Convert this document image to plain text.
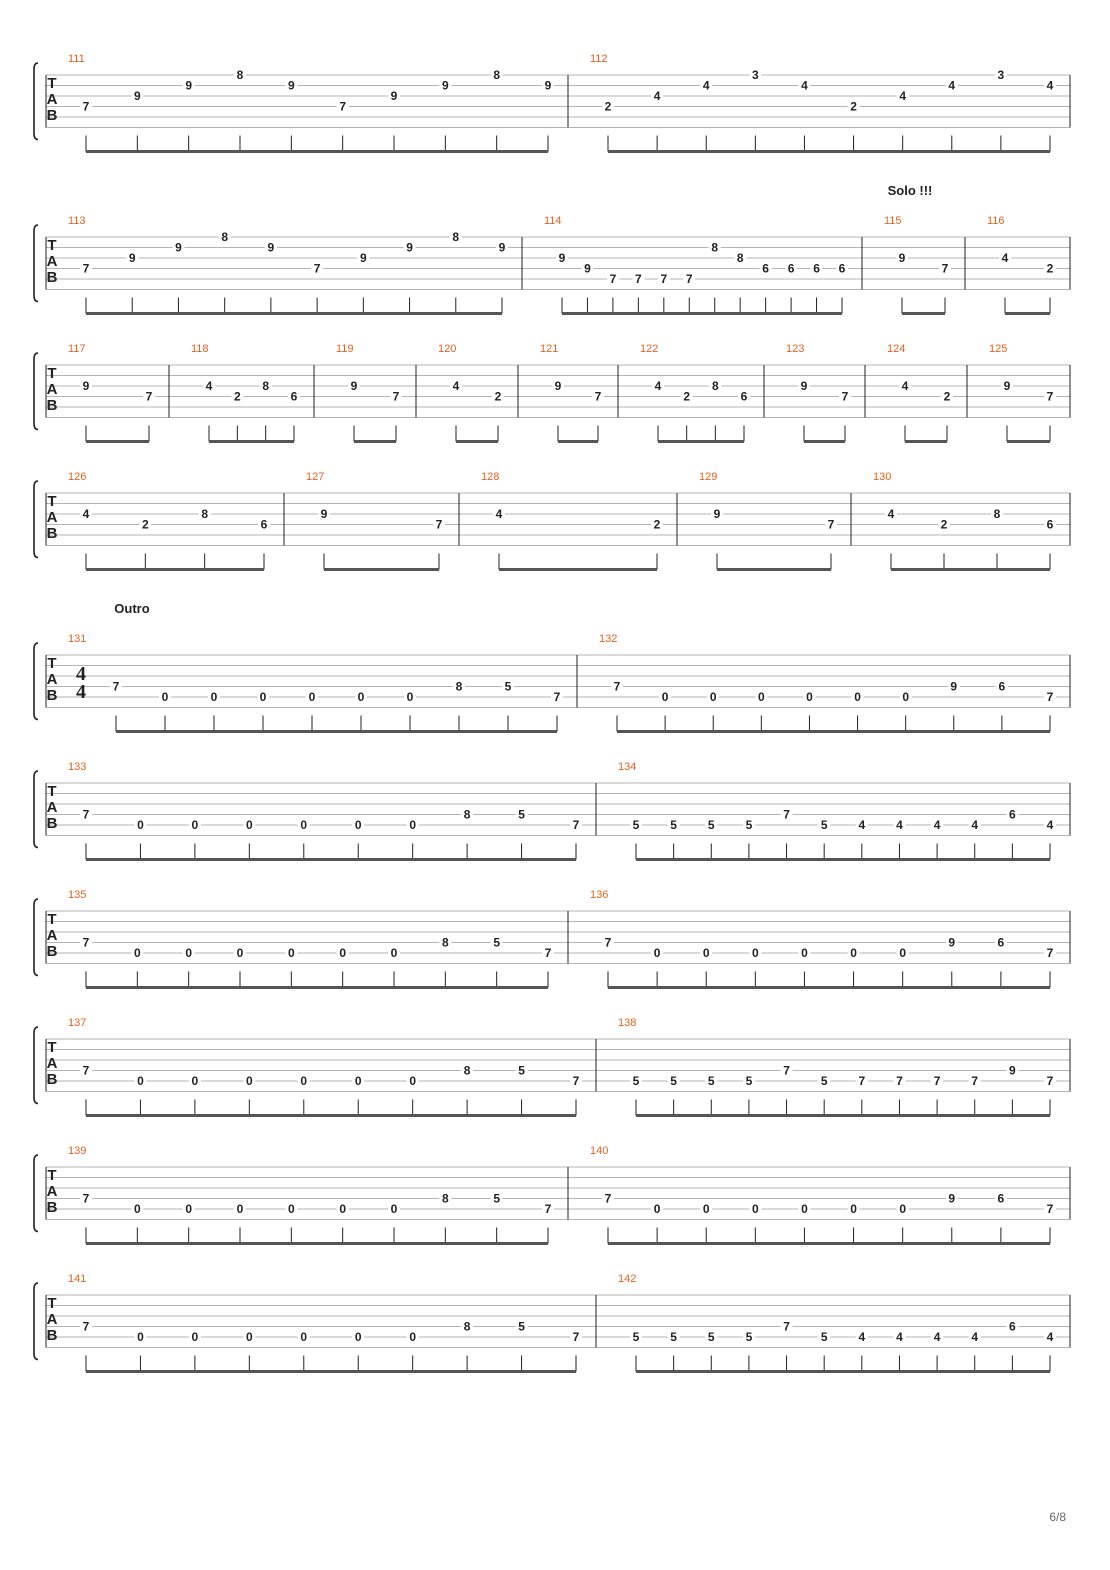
T
A
B
111
7
9
9
8
9
7
9
9
8
9
112
2
4
4
3
4
2
4
4
3
4
T
A
B
Solo !!!
113
7
9
9
8
9
7
9
9
8
9
114
9
9
7 7 7 7
8
8
6 6 6 6
115
9
7
116
4
2
T
A
B
117
9
7
118
4
2
8
6
119
9
7
120
4
2
121
9
7
122
4
2
8
6
123
9
7
124
4
2
125
9
7
T
A
B
126
4
2
8
6
127
9
7
128
4
2
129
9
7
130
4
2
8
6
T
A
B
Outro
4
4
131
7
0	0	0	0	0	0
8	5
7
132
7
0	0	0	0	0	0
9	6
7
T
A
B
133
7
0	0	0	0	0	0
8	5
7
134
5	5	5	5
7
5	4	4	4	4
6
4
T
A
B
135
7
0	0	0	0	0	0
8	5
7
136
7
0	0	0	0	0	0
9	6
7
T
A
B
137
7
0	0	0	0	0	0
8	5
7
138
5	5	5	5
7
5	7	7	7	7
9
7
T
A
B
139
7
0	0	0	0	0	0
8	5
7
140
7
0	0	0	0	0	0
9	6
7
T
A
B
141
7
0	0	0	0	0	0
8	5
7
142
5	5	5	5
7
5	4	4	4	4
6
4
6/8
